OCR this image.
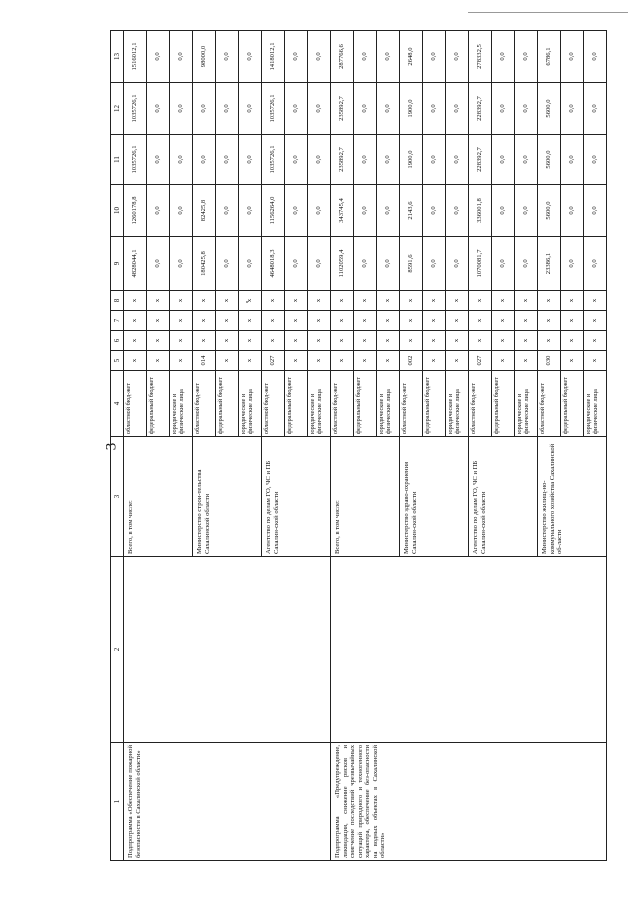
3
1	2	3	4	5	6	7	8	9	10	11	12	13
Подпрограмма «Обеспечение пожарной безопасности в Сахалинской области»		Всего, в том числе:	областной бюд-жет	х	х	х	х	4828044,1	1260178,8	1035726,1	1035726,1	1516012,1
			федеральный бюджет	х	х	х	х	0,0	0,0	0,0	0,0	0,0
			юридические и физические лица	х	х	х	х	0,0	0,0	0,0	0,0	0,0
		Министерство строи-тельства Сахалинской области	областной бюд-жет	014	х	х	х	180425,8	82425,8	0,0	0,0	98000,0
			федеральный бюджет	х	х	х	х	0,0	0,0	0,0	0,0	0,0
			юридические и физические лица	х	х	х	х	0,0	0,0	0,0	0,0	0,0
		Агентство по делам ГО, ЧС и ПБ Сахалин-ской области	областной бюд-жет	027	х	х	х	4648018,3	1156264,0	1035726,1	1035726,1	1418012,1
			федеральный бюджет	х	х	х	х	0,0	0,0	0,0	0,0	0,0
			юридические и физические лица	х	х	х	х	0,0	0,0	0,0	0,0	0,0
Подпрограмма «Предупреждение, ликвидация, снижение рисков и смягчение последствий чрезвычайных ситуаций природного и техногенного характера, обеспечение без-опасности на водных объектах в Сахалинской области»		Всего, в том числе:	областной бюд-жет	х	х	х	х	1102059,4	343745,4	235892,7	235892,7	287766,6
			федеральный бюджет	х	х	х	х	0,0	0,0	0,0	0,0	0,0
			юридические и физические лица	х	х	х	х	0,0	0,0	0,0	0,0	0,0
		Министерство здраво-охранения Сахалин-ской области	областной бюд-жет	002	х	х	х	8591,6	2143,6	1900,0	1900,0	2648,0
			федеральный бюджет	х	х	х	х	0,0	0,0	0,0	0,0	0,0
			юридические и физические лица	х	х	х	х	0,0	0,0	0,0	0,0	0,0
		Агентство по делам ГО, ЧС и ПБ Сахалин-ской области	областной бюд-жет	027	х	х	х	1070081,7	336001,8	228392,7	228392,7	278332,5
			федеральный бюджет	х	х	х	х	0,0	0,0	0,0	0,0	0,0
			юридические и физические лица	х	х	х	х	0,0	0,0	0,0	0,0	0,0
		Министерство жилищ-но-коммунального хозяйства Сахалинской об-ласти	областной бюд-жет	030	х	х	х	23386,1	5600,0	5600,0	5600,0	6786,1
			федеральный бюджет	х	х	х	х	0,0	0,0	0,0	0,0	0,0
			юридические и физические лица	х	х	х	х	0,0	0,0	0,0	0,0	0,0
